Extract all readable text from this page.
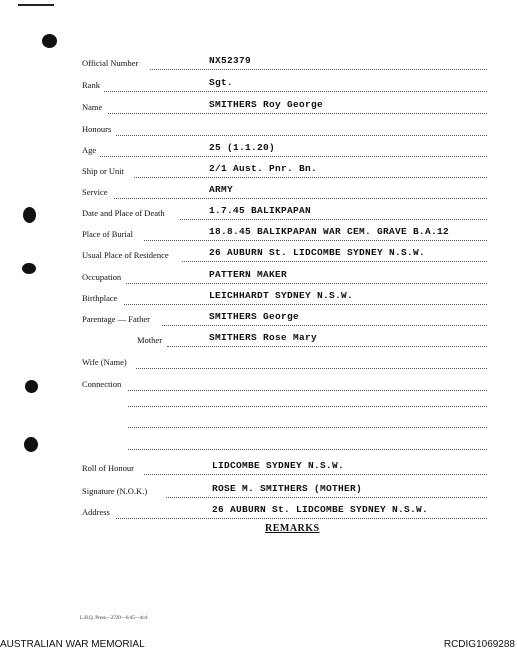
Official Number	NX52379
Rank	Sgt.
Name	SMITHERS Roy George
Honours
Age	25 (1.1.20)
Ship or Unit	2/1 Aust. Pnr. Bn.
Service	ARMY
Date and Place of Death	1.7.45 BALIKPAPAN
Place of Burial	18.8.45 BALIKPAPAN WAR CEM. GRAVE B.A.12
Usual Place of Residence	26 AUBURN St. LIDCOMBE SYDNEY N.S.W.
Occupation	PATTERN MAKER
Birthplace	LEICHHARDT SYDNEY N.S.W.
Parentage — Father	SMITHERS George
Mother	SMITHERS Rose Mary
Wife (Name)
Connection
Roll of Honour	LIDCOMBE SYDNEY N.S.W.
Signature (N.O.K.)	ROSE M. SMITHERS (MOTHER)
Address	26 AUBURN St. LIDCOMBE SYDNEY N.S.W.
REMARKS
L.H.Q. Press—2720—6/45—4cd.
AUSTRALIAN WAR MEMORIAL	RCDIG1069288
